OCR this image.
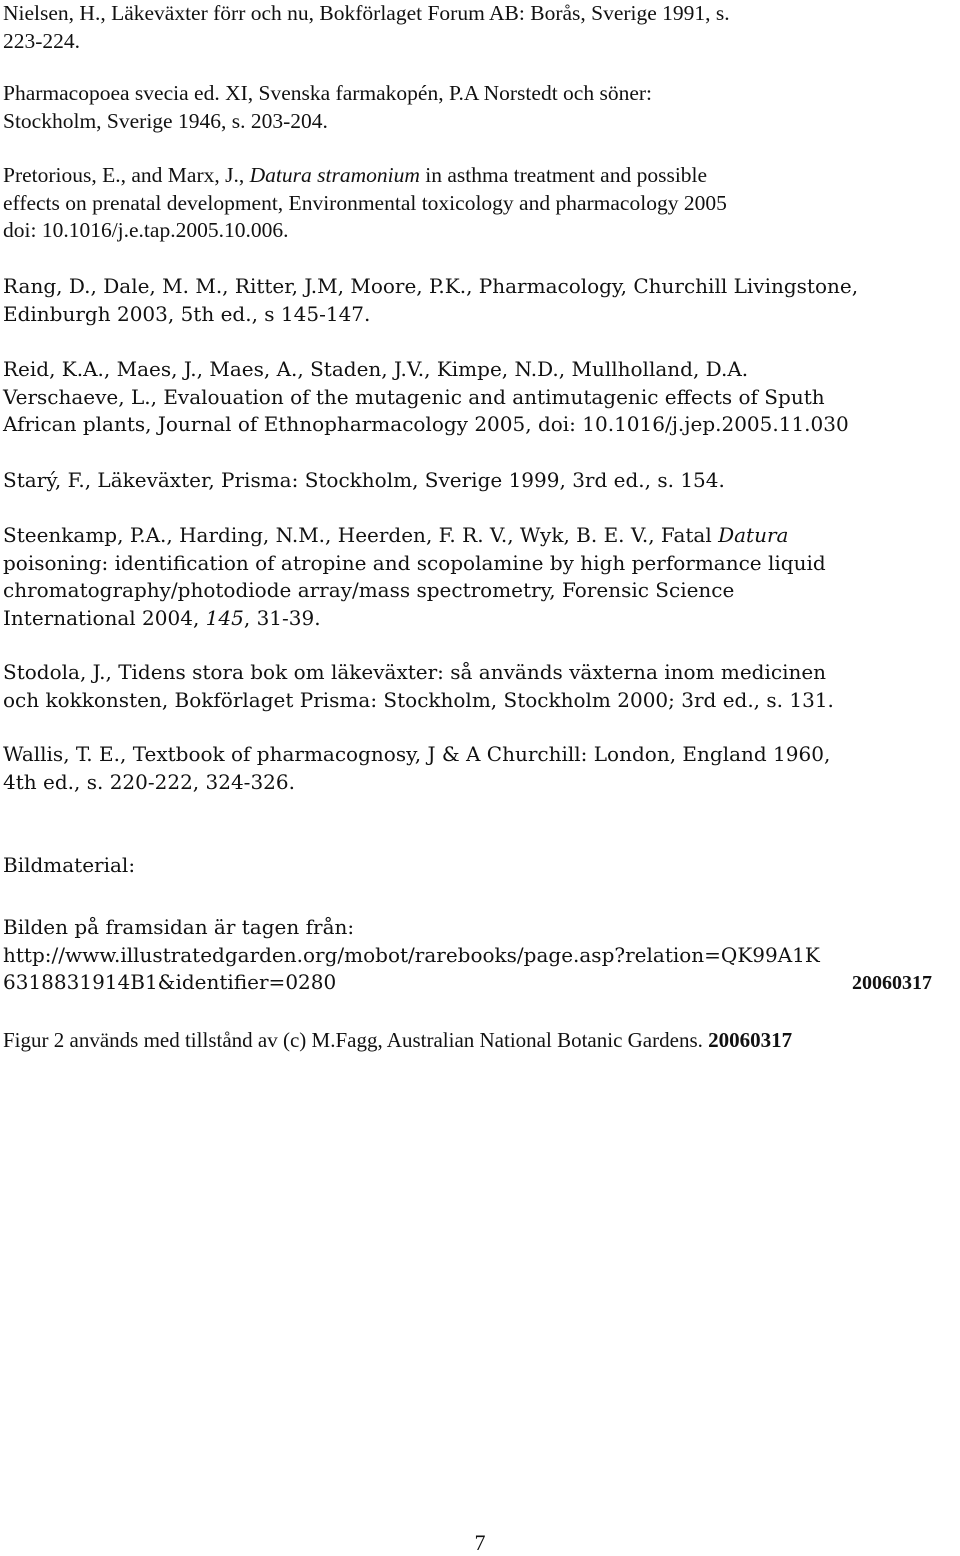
Nielsen, H., Läkeväxter förr och nu, Bokförlaget Forum AB: Borås, Sverige 1991, s.
223-224.

Pharmacopoea svecia ed. XI, Svenska farmakopén, P.A Norstedt och söner:
Stockholm, Sverige 1946, s. 203-204.

Pretorious, E., and Marx, J., Datura stramonium in asthma treatment and possible
effects on prenatal development, Environmental toxicology and pharmacology 2005
doi: 10.1016/j.e.tap.2005.10.006.

Rang, D., Dale, M. M., Ritter, J.M, Moore, P.K., Pharmacology, Churchill Livingstone,
Edinburgh 2003, 5th ed., s 145-147.

Reid, K.A., Maes, J., Maes, A., Staden, J.V., Kimpe, N.D., Mullholland, D.A.
Verschaeve, L., Evalouation of the mutagenic and antimutagenic effects of Sputh
African plants, Journal of Ethnopharmacology 2005, doi: 10.1016/j.jep.2005.11.030

Starý, F., Läkeväxter, Prisma: Stockholm, Sverige 1999, 3rd ed., s. 154.

Steenkamp, P.A., Harding, N.M., Heerden, F. R. V., Wyk, B. E. V., Fatal Datura
poisoning: identification of atropine and scopolamine by high performance liquid
chromatography/photodiode array/mass spectrometry, Forensic Science
International 2004, 145, 31-39.

Stodola, J., Tidens stora bok om läkeväxter: så används växterna inom medicinen
och kokkonsten, Bokförlaget Prisma: Stockholm, Stockholm 2000; 3rd ed., s. 131.

Wallis, T. E., Textbook of pharmacognosy, J & A Churchill: London, England 1960,
4th ed., s. 220-222, 324-326.

Bildmaterial:
Bilden på framsidan är tagen från:
http://www.illustratedgarden.org/mobot/rarebooks/page.asp?relation=QK99A1K
6318831914B1&identifier=0280	20060317
Figur 2 används med tillstånd av (c) M.Fagg, Australian National Botanic Gardens. 20060317
7
